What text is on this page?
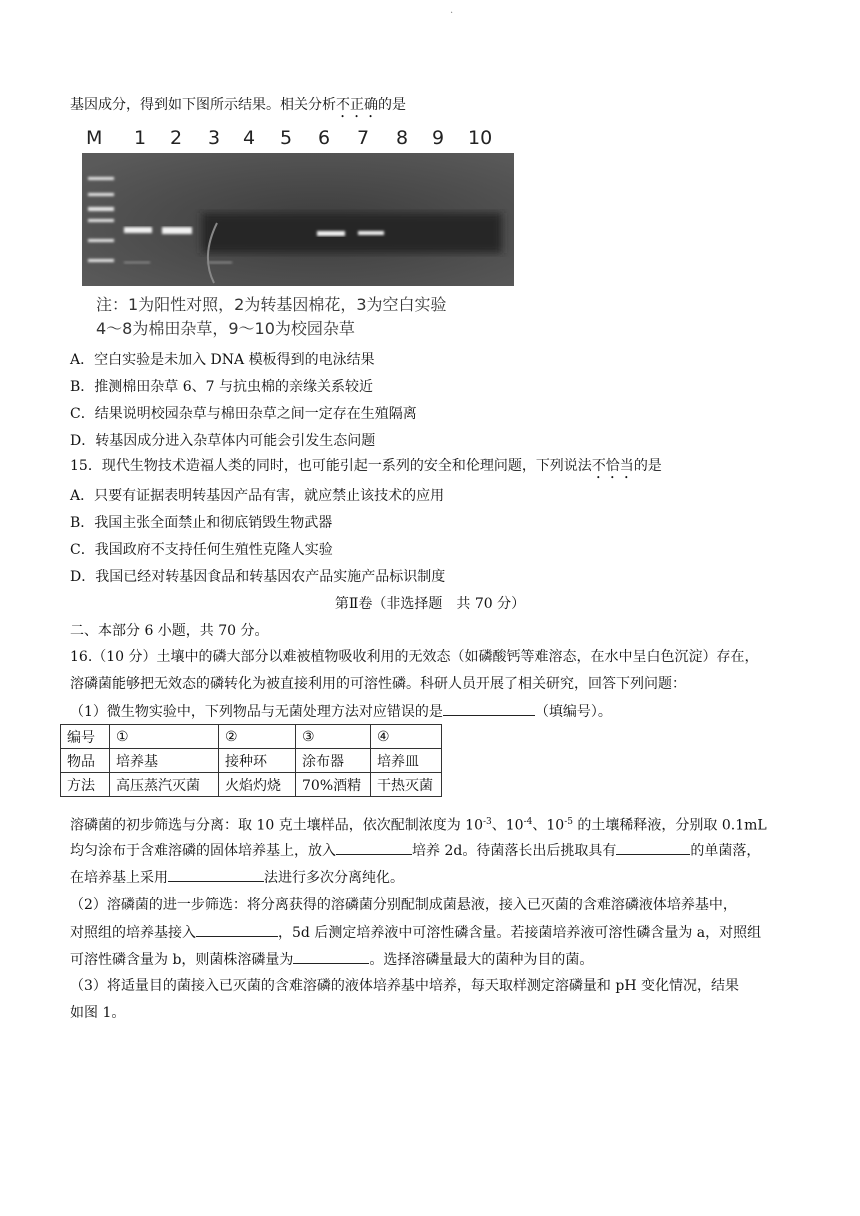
.
基因成分，得到如下图所示结果。相关分析不正确的是
M 1 2 3 4 5 6 7 8 9 10
注：1为阳性对照，2为转基因棉花，3为空白实验
4～8为棉田杂草，9～10为校园杂草
A．空白实验是未加入 DNA 模板得到的电泳结果
B．推测棉田杂草 6、7 与抗虫棉的亲缘关系较近
C．结果说明校园杂草与棉田杂草之间一定存在生殖隔离
D．转基因成分进入杂草体内可能会引发生态问题
15．现代生物技术造福人类的同时，也可能引起一系列的安全和伦理问题，下列说法不恰当的是
A．只要有证据表明转基因产品有害，就应禁止该技术的应用
B．我国主张全面禁止和彻底销毁生物武器
C．我国政府不支持任何生殖性克隆人实验
D．我国已经对转基因食品和转基因农产品实施产品标识制度
第Ⅱ卷（非选择题　共 70 分）
二、本部分 6 小题，共 70 分。
16.（10 分）土壤中的磷大部分以难被植物吸收利用的无效态（如磷酸钙等难溶态，在水中呈白色沉淀）存在，
溶磷菌能够把无效态的磷转化为被直接利用的可溶性磷。科研人员开展了相关研究，回答下列问题：
（1）微生物实验中，下列物品与无菌处理方法对应错误的是	（填编号）。
编号	①	②	③	④
物品	培养基	接种环	涂布器	培养皿
方法	高压蒸汽灭菌	火焰灼烧	70%酒精	干热灭菌
溶磷菌的初步筛选与分离：取 10 克土壤样品，依次配制浓度为 $10^{-3}$、$10^{-4}$、$10^{-5}$ 的土壤稀释液，分别取 0.1mL
均匀涂布于含难溶磷的固体培养基上，放入	培养 2d。待菌落长出后挑取具有	的单菌落，
在培养基上采用	法进行多次分离纯化。
（2）溶磷菌的进一步筛选：将分离获得的溶磷菌分别配制成菌悬液，接入已灭菌的含难溶磷液体培养基中，
对照组的培养基接入	，5d 后测定培养液中可溶性磷含量。若接菌培养液可溶性磷含量为 a，对照组
可溶性磷含量为 b，则菌株溶磷量为	。选择溶磷量最大的菌种为目的菌。
（3）将适量目的菌接入已灭菌的含难溶磷的液体培养基中培养，每天取样测定溶磷量和 pH 变化情况，结果
如图 1。
